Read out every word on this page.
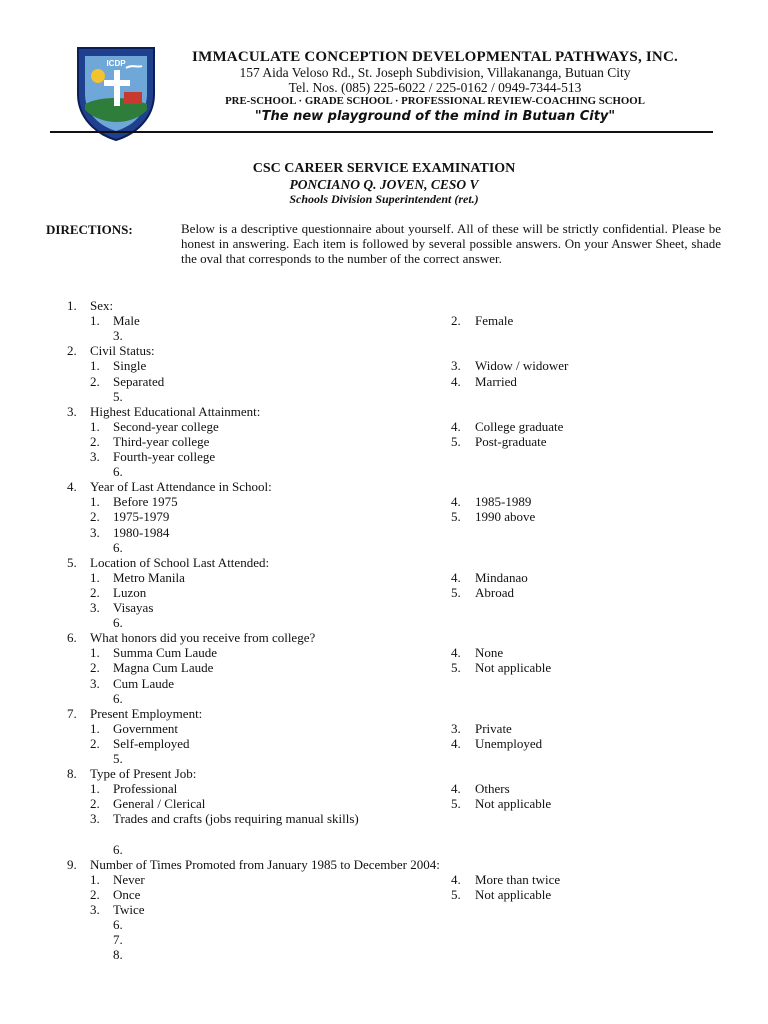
ICDP	IMMACULATE CONCEPTION DEVELOPMENTAL PATHWAYS, INC.
157 Aida Veloso Rd., St. Joseph Subdivision, Villakananga, Butuan City
Tel. Nos. (085) 225-6022 / 225-0162 / 0949-7344-513
PRE-SCHOOL · GRADE SCHOOL · PROFESSIONAL REVIEW-COACHING SCHOOL
"The new playground of the mind in Butuan City"
CSC CAREER SERVICE EXAMINATION
PONCIANO Q. JOVEN, CESO V
Schools Division Superintendent (ret.)
DIRECTIONS:	Below is a descriptive questionnaire about yourself. All of these will be strictly confidential. Please be honest in answering. Each item is followed by several possible answers. On your Answer Sheet, shade the oval that corresponds to the number of the correct answer.
1. Sex:
1. Male	2. Female
3.
2. Civil Status:
1. Single	3. Widow / widower
2. Separated	4. Married
5.
3. Highest Educational Attainment:
1. Second-year college	4. College graduate
2. Third-year college	5. Post-graduate
3. Fourth-year college
6.
4. Year of Last Attendance in School:
1. Before 1975	4. 1985-1989
2. 1975-1979	5. 1990 above
3. 1980-1984
6.
5. Location of School Last Attended:
1. Metro Manila	4. Mindanao
2. Luzon	5. Abroad
3. Visayas
6.
6. What honors did you receive from college?
1. Summa Cum Laude	4. None
2. Magna Cum Laude	5. Not applicable
3. Cum Laude
6.
7. Present Employment:
1. Government	3. Private
2. Self-employed	4. Unemployed
5.
8. Type of Present Job:
1. Professional	4. Others
2. General / Clerical	5. Not applicable
3. Trades and crafts (jobs requiring manual skills)
6.
9. Number of Times Promoted from January 1985 to December 2004:
1. Never	4. More than twice
2. Once	5. Not applicable
3. Twice
6.
7.
8.
